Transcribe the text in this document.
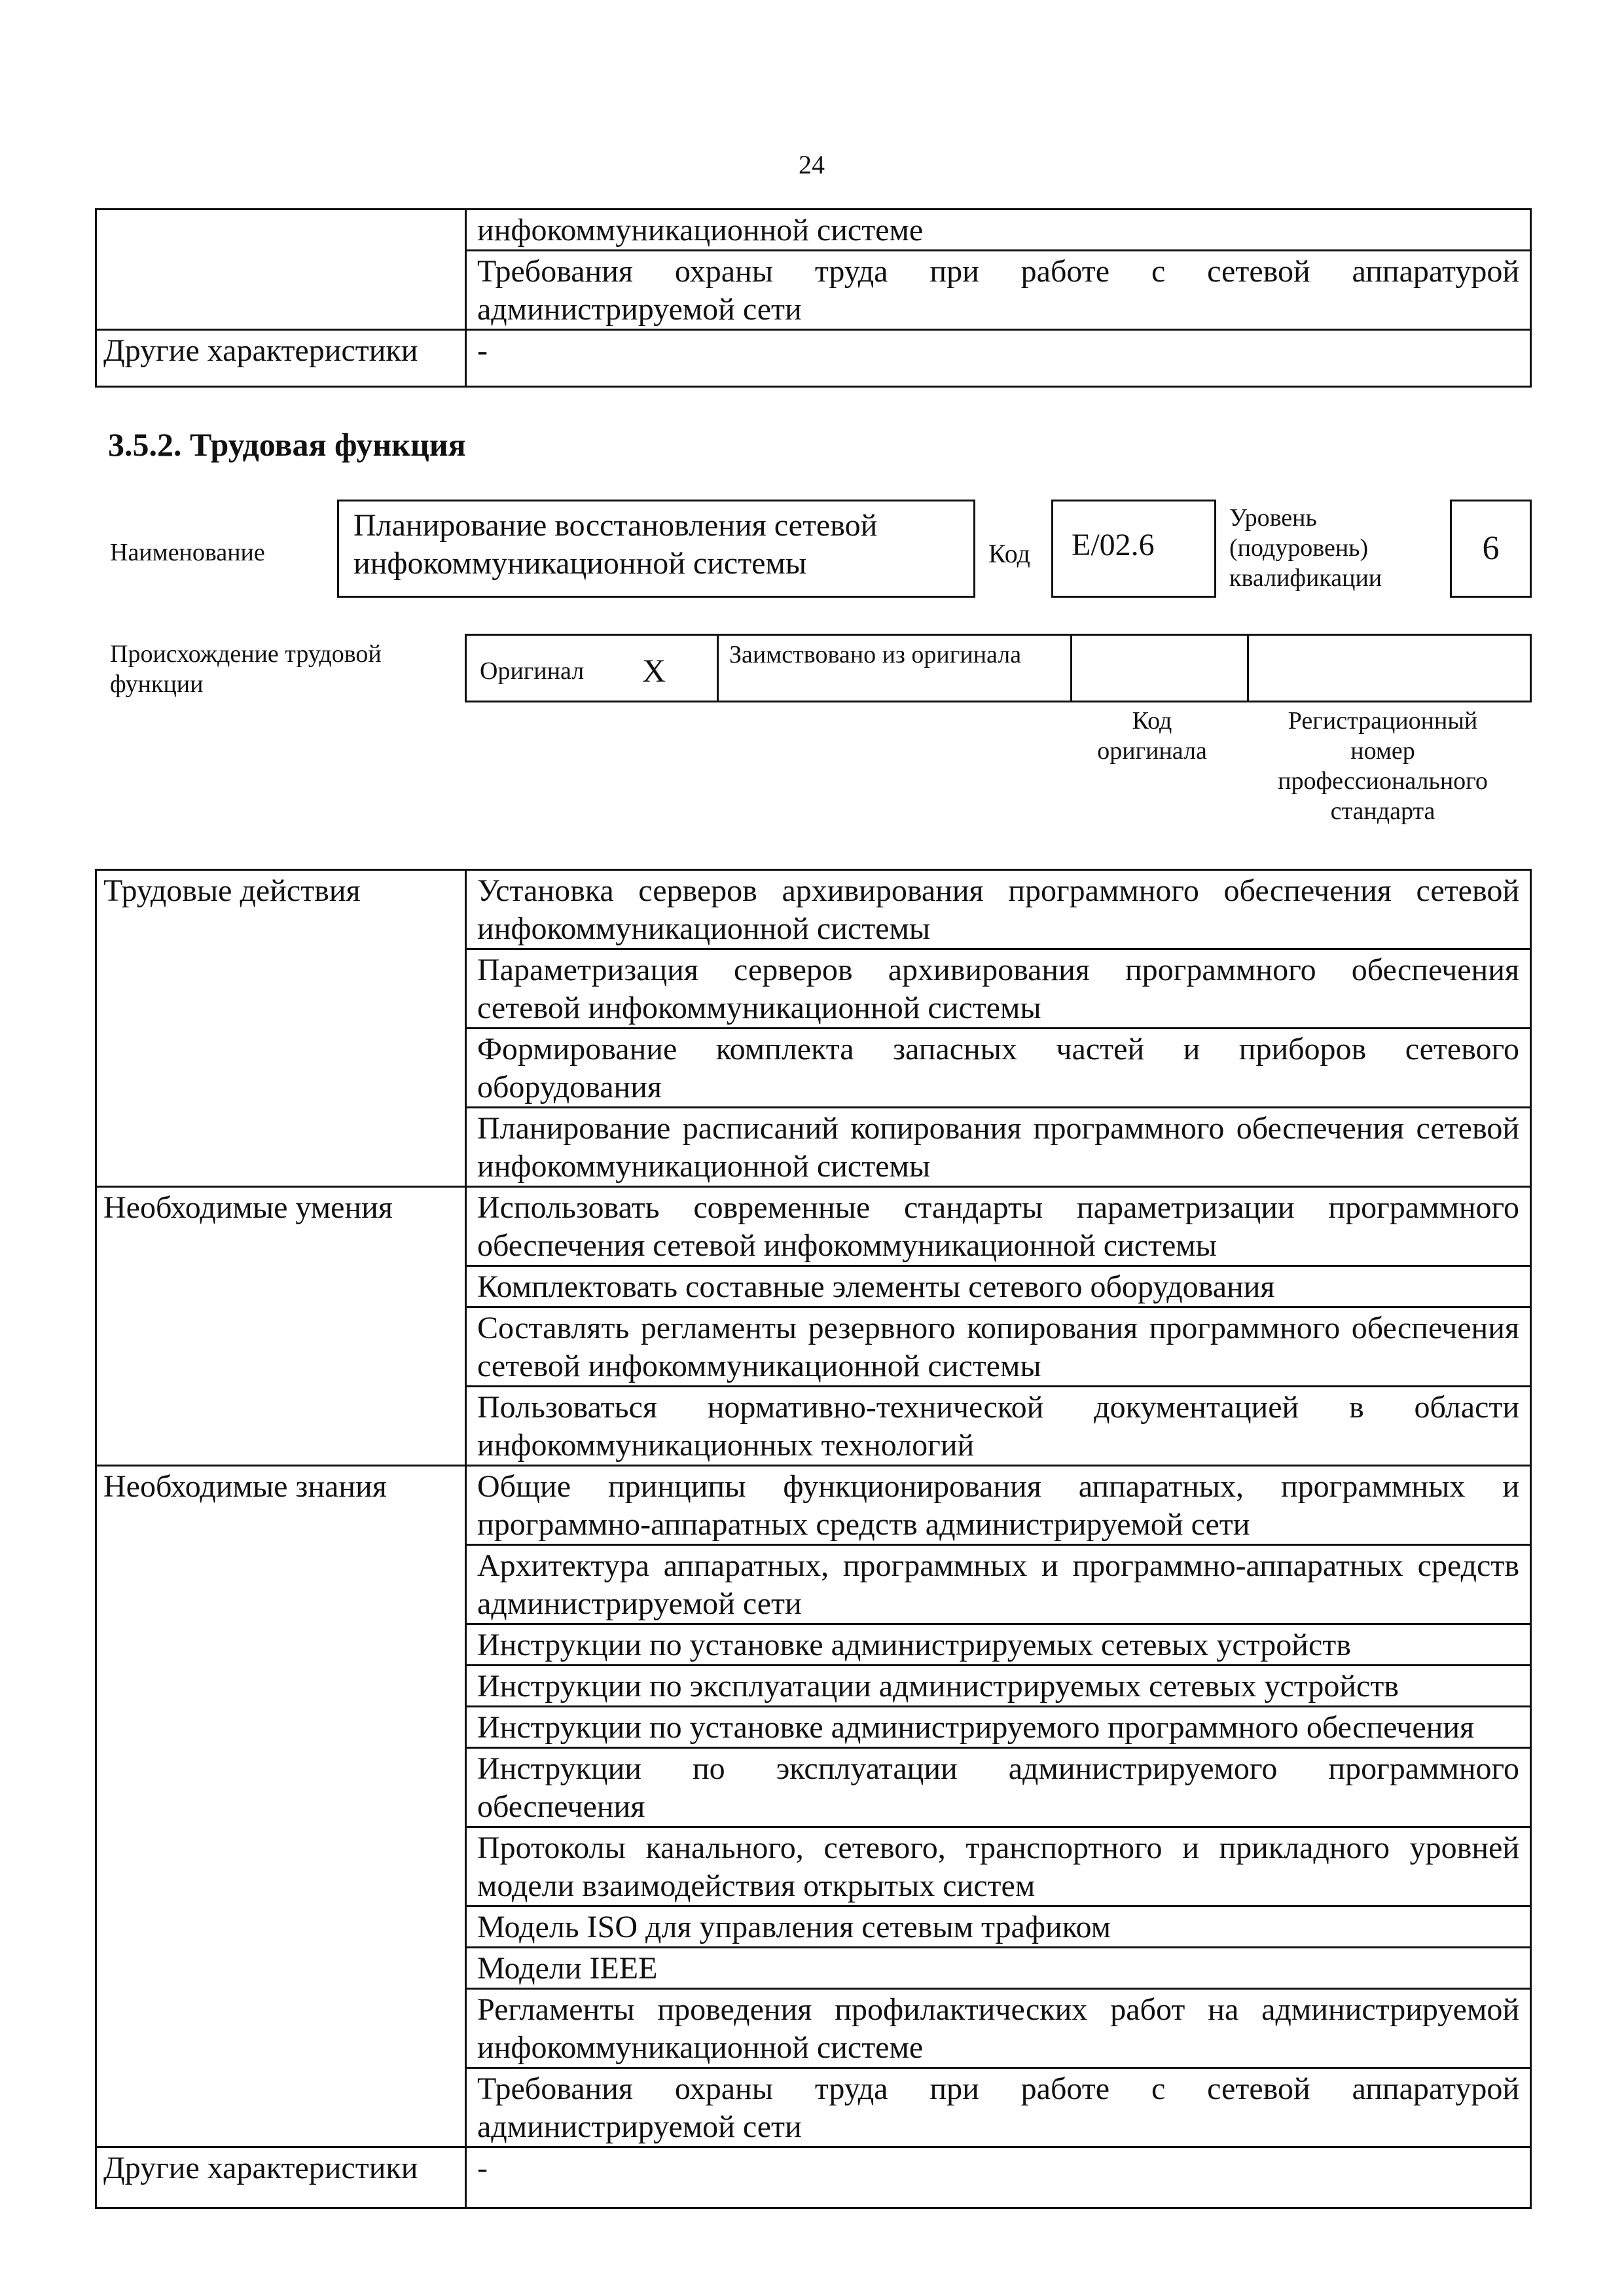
24
	инфокоммуникационной системе
	Требования охраны труда при работе с сетевой аппаратурой администрируемой сети
Другие характеристики	-
3.5.2. Трудовая функция
Наименование
Планирование восстановления сетевой инфокоммуникационной системы	Код	E/02.6
Уровень (подуровень) квалификации
6
Происхождение трудовой функции	Оригинал X	Заимствовано из оригинала
Код оригинала
Регистрационный номер профессионального стандарта
Трудовые действия	Установка серверов архивирования программного обеспечения сетевой инфокоммуникационной системы
	Параметризация серверов архивирования программного обеспечения сетевой инфокоммуникационной системы
	Формирование комплекта запасных частей и приборов сетевого оборудования
	Планирование расписаний копирования программного обеспечения сетевой инфокоммуникационной системы
Необходимые умения	Использовать современные стандарты параметризации программного обеспечения сетевой инфокоммуникационной системы
	Комплектовать составные элементы сетевого оборудования
	Составлять регламенты резервного копирования программного обеспечения сетевой инфокоммуникационной системы
	Пользоваться нормативно-технической документацией в области инфокоммуникационных технологий
Необходимые знания	Общие принципы функционирования аппаратных, программных и программно-аппаратных средств администрируемой сети
	Архитектура аппаратных, программных и программно-аппаратных средств администрируемой сети
	Инструкции по установке администрируемых сетевых устройств
	Инструкции по эксплуатации администрируемых сетевых устройств
	Инструкции по установке администрируемого программного обеспечения
	Инструкции по эксплуатации администрируемого программного обеспечения
	Протоколы канального, сетевого, транспортного и прикладного уровней модели взаимодействия открытых систем
	Модель ISO для управления сетевым трафиком
	Модели IEEE
	Регламенты проведения профилактических работ на администрируемой инфокоммуникационной системе
	Требования охраны труда при работе с сетевой аппаратурой администрируемой сети
Другие характеристики	-
